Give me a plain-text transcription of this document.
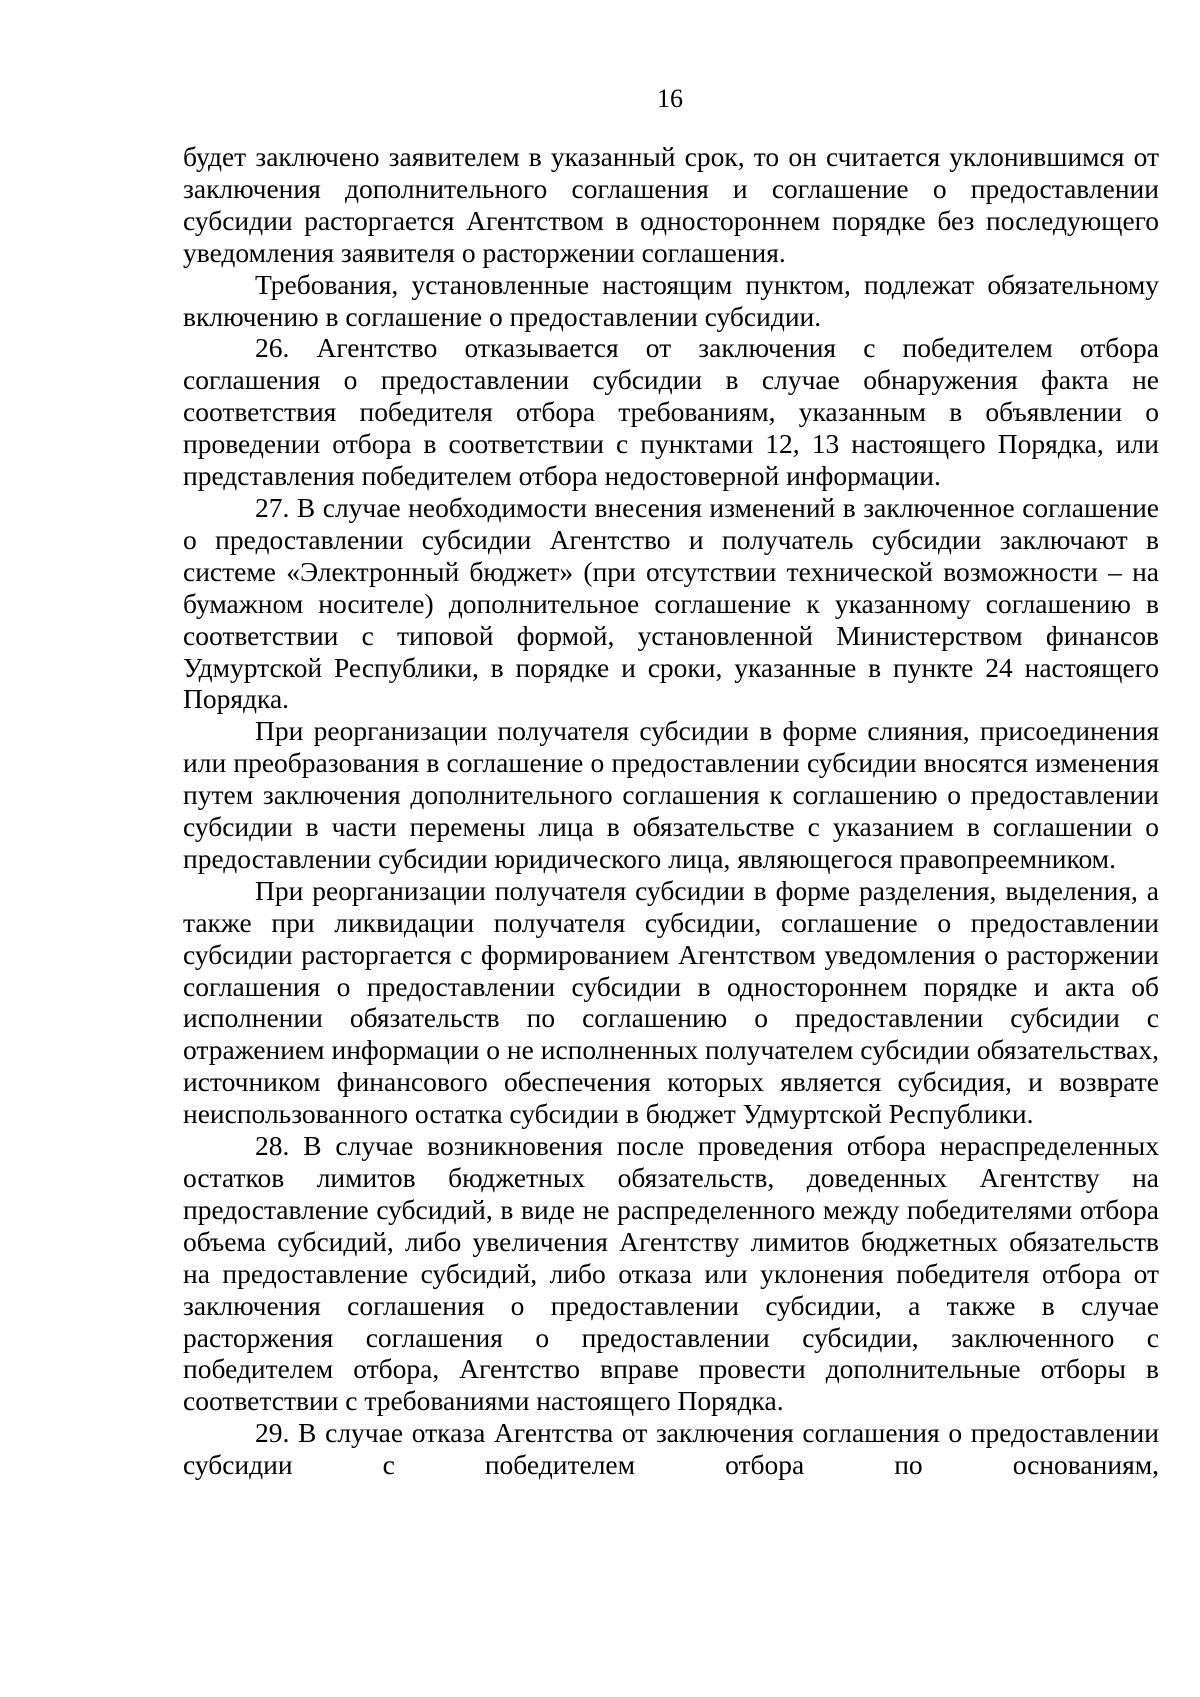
16

будет заключено заявителем в указанный срок, то он считается уклонившимся от заключения дополнительного соглашения и соглашение о предоставлении субсидии расторгается Агентством в одностороннем порядке без последующего уведомления заявителя о расторжении соглашения.

Требования, установленные настоящим пунктом, подлежат обязательному включению в соглашение о предоставлении субсидии.

26. Агентство отказывается от заключения с победителем отбора соглашения о предоставлении субсидии в случае обнаружения факта не соответствия победителя отбора требованиям, указанным в объявлении о проведении отбора в соответствии с пунктами 12, 13 настоящего Порядка, или представления победителем отбора недостоверной информации.

27. В случае необходимости внесения изменений в заключенное соглашение о предоставлении субсидии Агентство и получатель субсидии заключают в системе «Электронный бюджет» (при отсутствии технической возможности – на бумажном носителе) дополнительное соглашение к указанному соглашению в соответствии с типовой формой, установленной Министерством финансов Удмуртской Республики, в порядке и сроки, указанные в пункте 24 настоящего Порядка.

При реорганизации получателя субсидии в форме слияния, присоединения или преобразования в соглашение о предоставлении субсидии вносятся изменения путем заключения дополнительного соглашения к соглашению о предоставлении субсидии в части перемены лица в обязательстве с указанием в соглашении о предоставлении субсидии юридического лица, являющегося правопреемником.

При реорганизации получателя субсидии в форме разделения, выделения, а также при ликвидации получателя субсидии, соглашение о предоставлении субсидии расторгается с формированием Агентством уведомления о расторжении соглашения о предоставлении субсидии в одностороннем порядке и акта об исполнении обязательств по соглашению о предоставлении субсидии с отражением информации о не исполненных получателем субсидии обязательствах, источником финансового обеспечения которых является субсидия, и возврате неиспользованного остатка субсидии в бюджет Удмуртской Республики.

28. В случае возникновения после проведения отбора нераспределенных остатков лимитов бюджетных обязательств, доведенных Агентству на предоставление субсидий, в виде не распределенного между победителями отбора объема субсидий, либо увеличения Агентству лимитов бюджетных обязательств на предоставление субсидий, либо отказа или уклонения победителя отбора от заключения соглашения о предоставлении субсидии, а также в случае расторжения соглашения о предоставлении субсидии, заключенного с победителем отбора, Агентство вправе провести дополнительные отборы в соответствии с требованиями настоящего Порядка.

29. В случае отказа Агентства от заключения соглашения о предоставлении субсидии с победителем отбора по основаниям,
